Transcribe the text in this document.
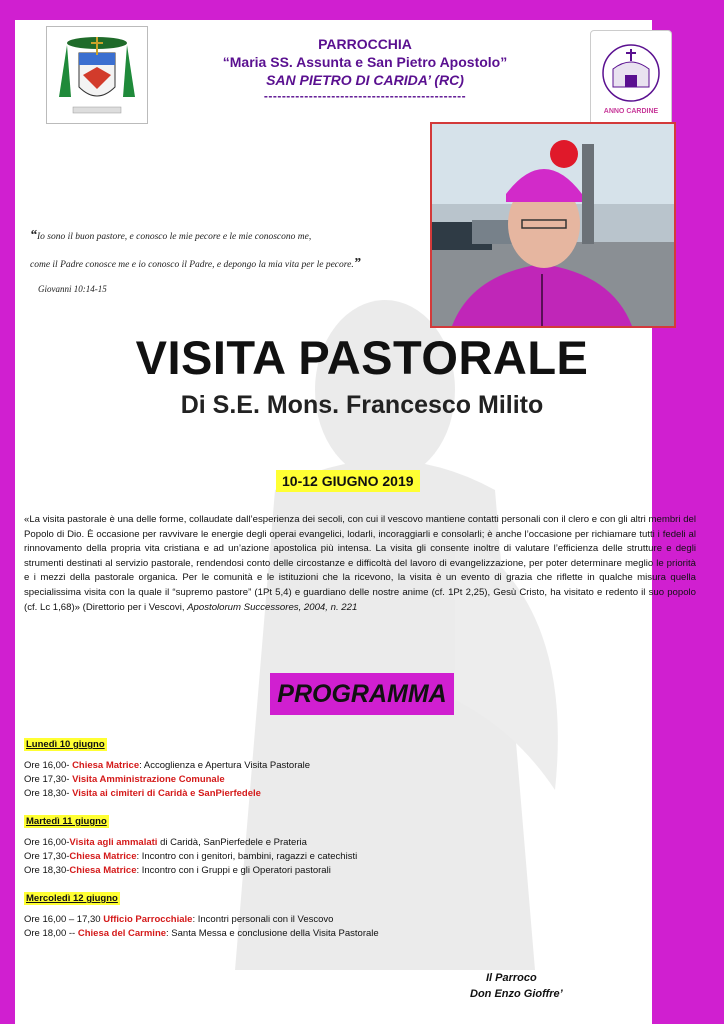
ANNO CARDINE

PARROCCHIA

“Maria SS. Assunta e San Pietro Apostolo”

SAN PIETRO DI CARIDA’ (RC)

---------------------------------------------

“Io sono il buon pastore, e conosco le mie pecore e le mie conoscono me,

come il Padre conosce me e io conosco il Padre, e depongo la mia vita per le pecore.”

Giovanni 10:14-15

VISITA PASTORALE
Di S.E. Mons. Francesco Milito
10-12 GIUGNO 2019

«La visita pastorale è una delle forme, collaudate dall’esperienza dei secoli, con cui il vescovo mantiene contatti personali con il clero e con gli altri membri del Popolo di Dio. È occasione per ravvivare le energie degli operai evangelici, lodarli, incoraggiarli e consolarli; è anche l’occasione per richiamare tutti i fedeli al rinnovamento della propria vita cristiana e ad un’azione apostolica più intensa. La visita gli consente inoltre di valutare l’efficienza delle strutture e degli strumenti destinati al servizio pastorale, rendendosi conto delle circostanze e difficoltà del lavoro di evangelizzazione, per poter determinare meglio le priorità e i mezzi della pastorale organica. Per le comunità e le istituzioni che la ricevono, la visita è un evento di grazia che riflette in qualche misura quella specialissima visita con la quale il “supremo pastore” (1Pt 5,4) e guardiano delle nostre anime (cf. 1Pt 2,25), Gesù Cristo, ha visitato e redento il suo popolo (cf. Lc 1,68)» (Direttorio per i Vescovi, Apostolorum Successores, 2004, n. 221

PROGRAMMA
Lunedì 10 giugno
Ore 16,00- Chiesa Matrice: Accoglienza e Apertura Visita Pastorale
Ore 17,30- Visita Amministrazione Comunale
Ore 18,30- Visita ai cimiteri di Caridà e SanPierfedele
Martedì 11 giugno
Ore 16,00-Visita agli ammalati di Caridà, SanPierfedele e Prateria
Ore 17,30-Chiesa Matrice: Incontro con i genitori, bambini, ragazzi e catechisti
Ore 18,30-Chiesa Matrice: Incontro con i Gruppi e gli Operatori pastorali
Mercoledì 12 giugno
Ore 16,00 – 17,30 Ufficio Parrocchiale: Incontri personali con il Vescovo
Ore 18,00 -- Chiesa del Carmine: Santa Messa e conclusione della Visita Pastorale
Il Parroco
Don Enzo Gioffre’
